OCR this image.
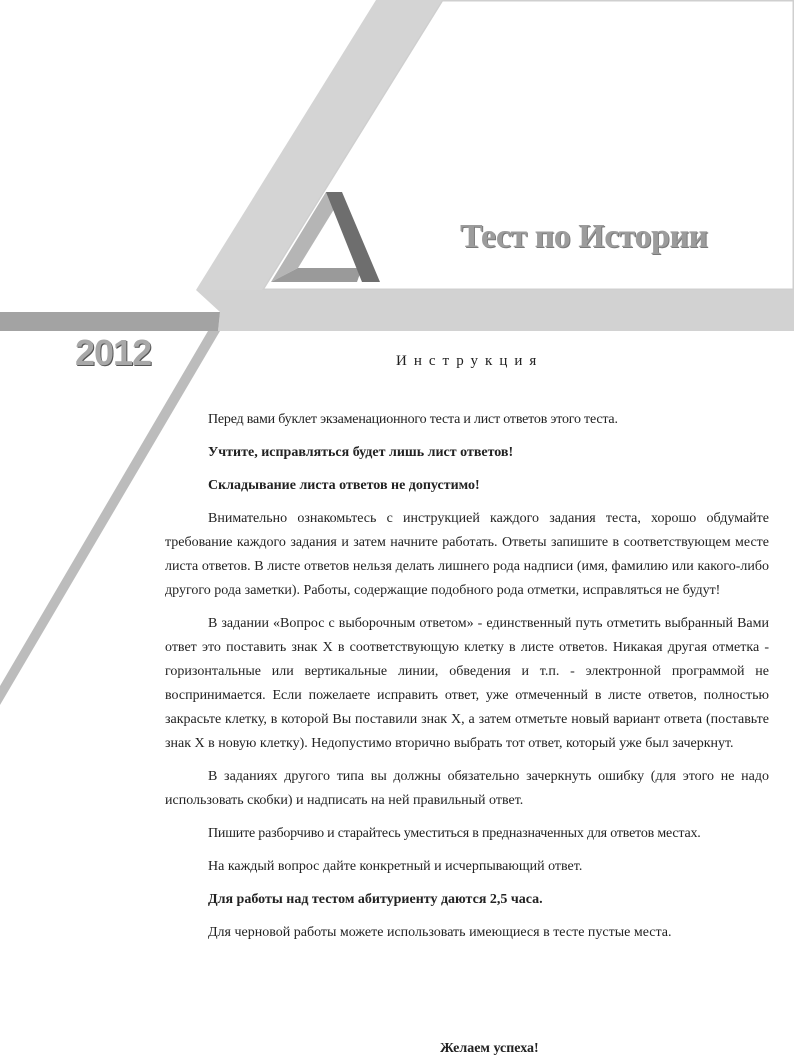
Тест по Истории
2012	Инструкция

Перед вами буклет экзаменационного теста и лист ответов этого теста.

Учтите, исправляться будет лишь лист ответов!

Складывание листа ответов не допустимо!

Внимательно ознакомьтесь с инструкцией каждого задания теста, хорошо обдумайте требование каждого задания и затем начните работать. Ответы запишите в соответствующем месте листа ответов. В листе ответов нельзя делать лишнего рода надписи (имя, фамилию или какого-либо другого рода заметки). Работы, содержащие подобного рода отметки, исправляться не будут!

В задании «Вопрос с выборочным ответом» - единственный путь отметить выбранный Вами ответ это поставить знак X в соответствующую клетку в листе ответов. Никакая другая отметка - горизонтальные или вертикальные линии, обведения и т.п. - электронной программой не воспринимается. Если пожелаете исправить ответ, уже отмеченный в листе ответов, полностью закрасьте клетку, в которой Вы поставили знак X, а затем отметьте новый вариант ответа (поставьте знак X в новую клетку). Недопустимо вторично выбрать тот ответ, который уже был зачеркнут.

В заданиях другого типа вы должны обязательно зачеркнуть ошибку (для этого не надо использовать скобки) и надписать на ней правильный ответ.

Пишите разборчиво и старайтесь уместиться в предназначенных для ответов местах.

На каждый вопрос дайте конкретный и исчерпывающий ответ.

Для работы над тестом абитуриенту даются 2,5 часа.

Для черновой работы можете использовать имеющиеся в тесте пустые места.

Желаем успеха!
